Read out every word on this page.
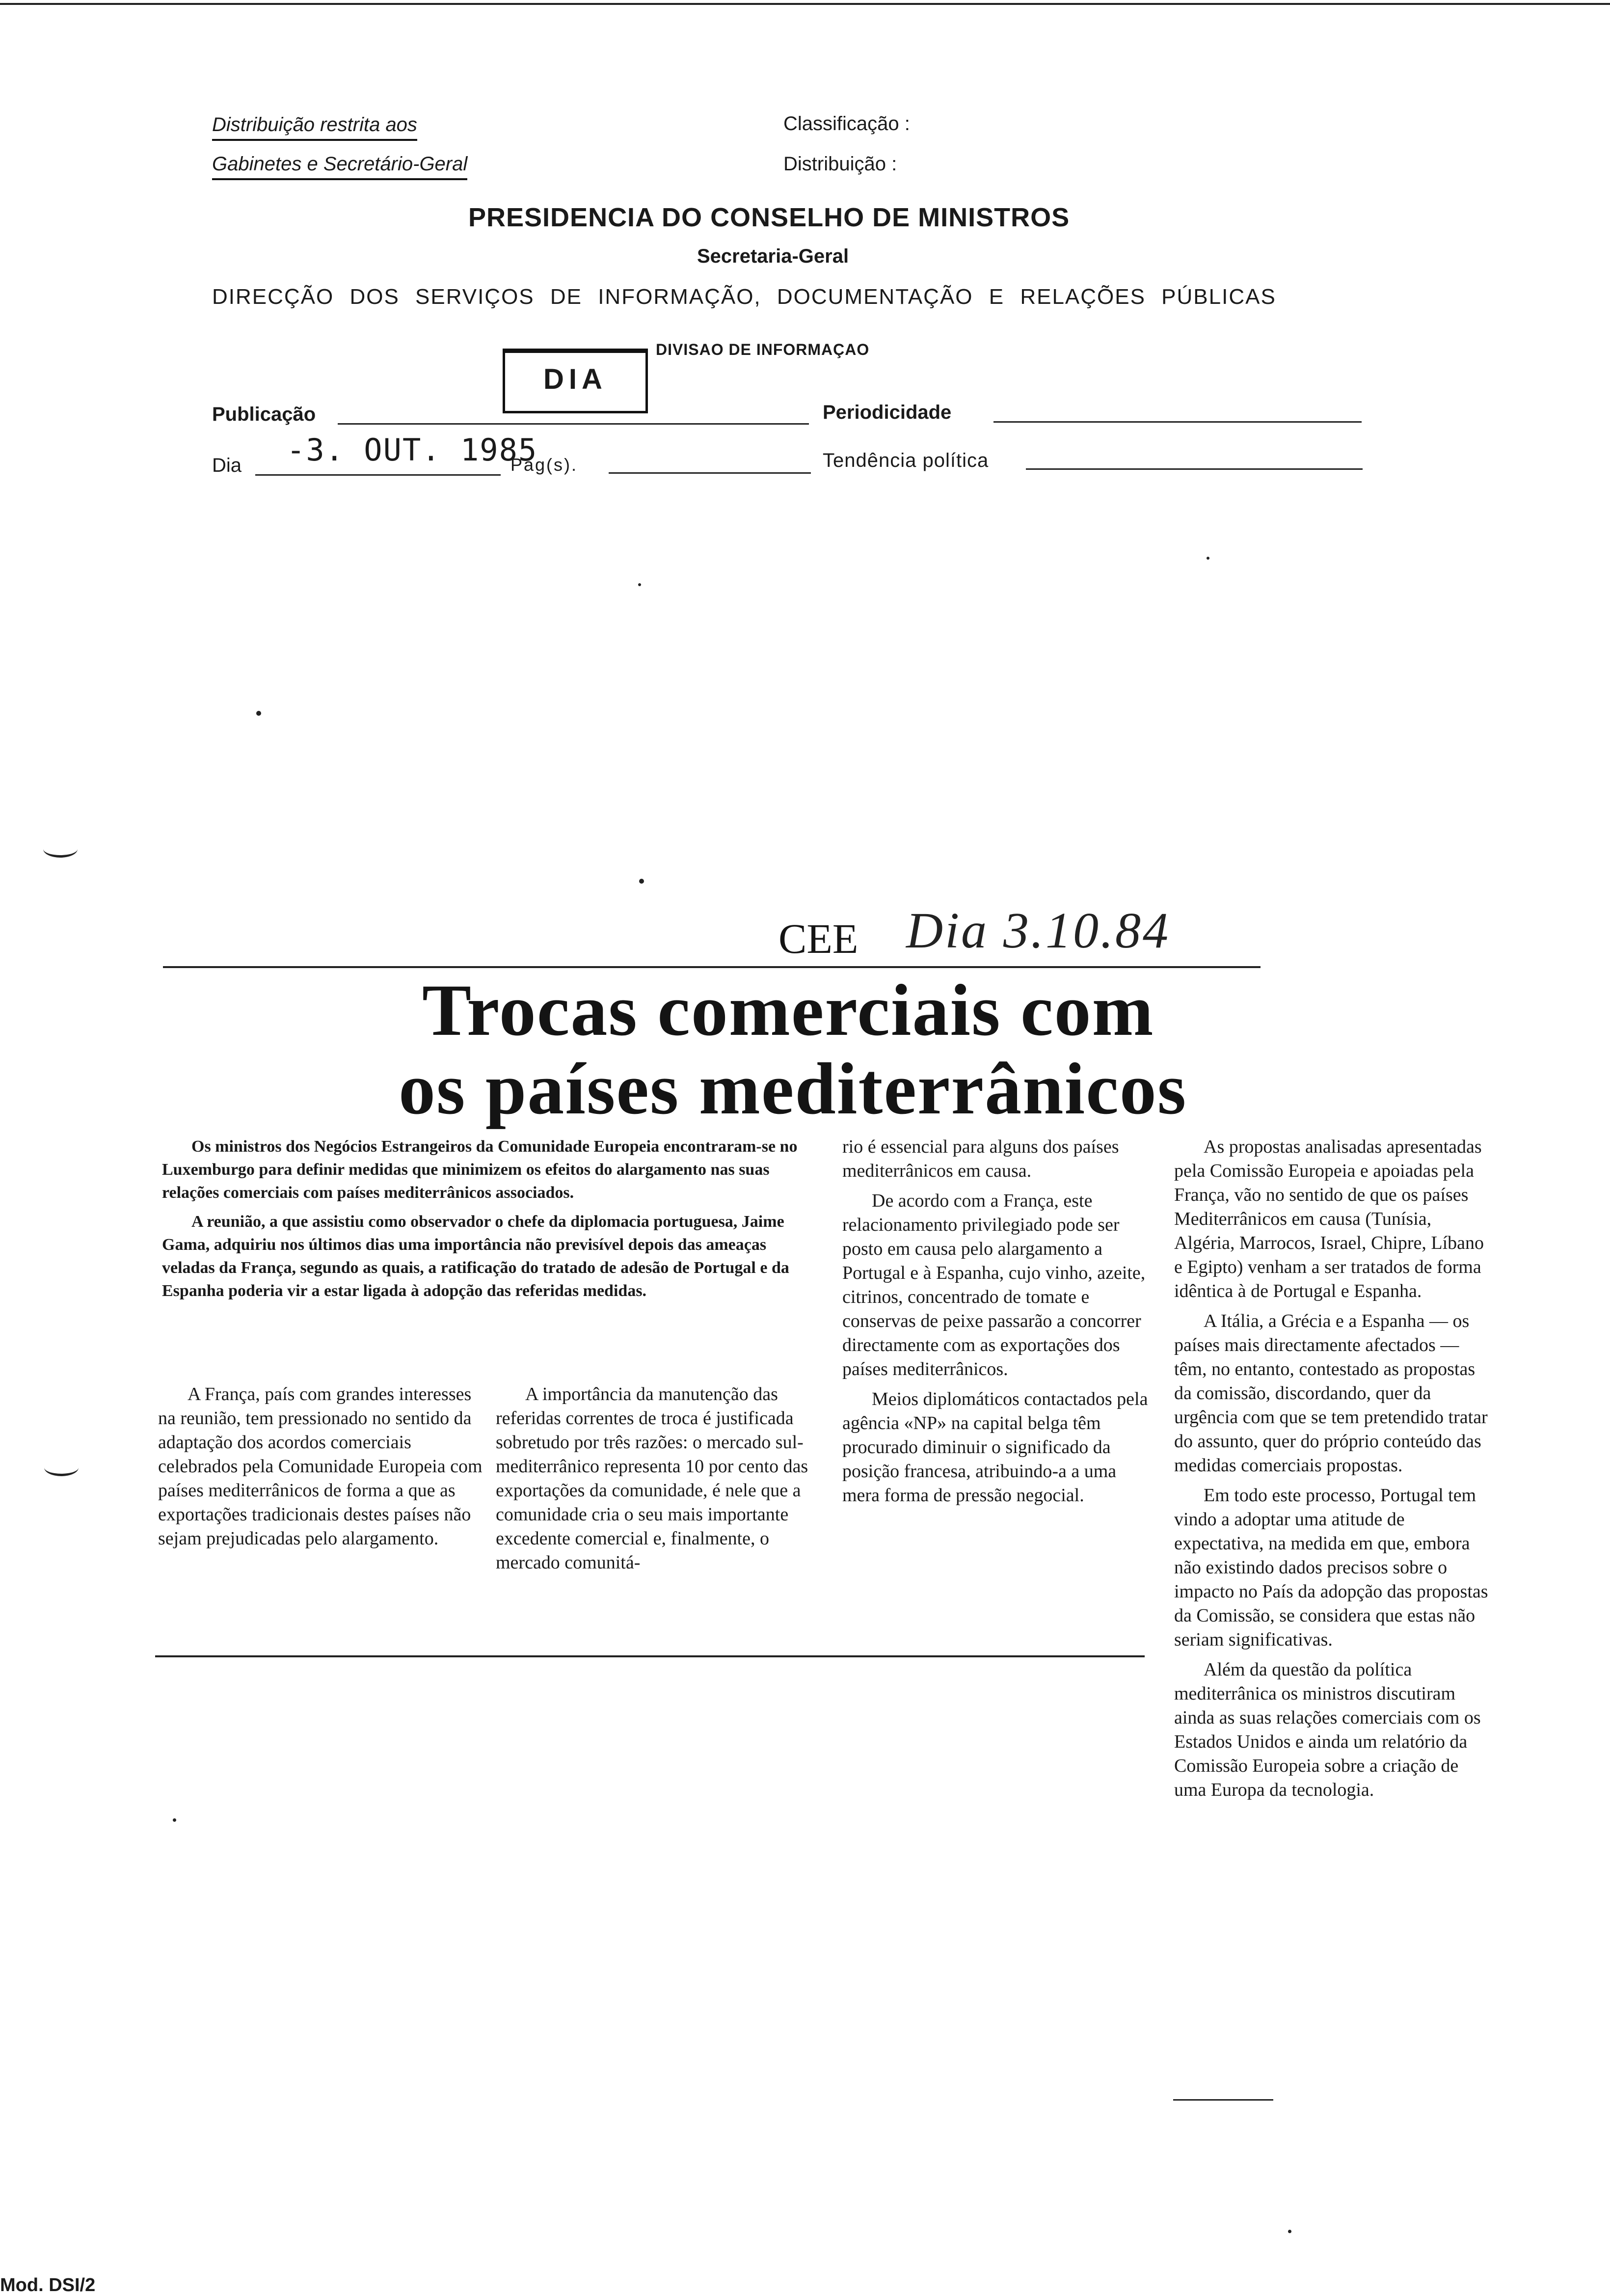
Distribuição restrita aos
Gabinetes e Secretário-Geral
Classificação :
Distribuição :
PRESIDENCIA DO CONSELHO DE MINISTROS
Secretaria-Geral
DIRECÇÃO DOS SERVIÇOS DE INFORMAÇÃO, DOCUMENTAÇÃO E RELAÇÕES PÚBLICAS
DIA
DIVISAO DE INFORMAÇAO
Publicação	Periodicidade
Dia -3. OUT. 1985
Pág(s).	Tendência política
CEE Dia 3.10.84
Trocas comerciais com
os países mediterrânicos

Os ministros dos Negócios Estrangeiros da Comunidade Europeia encontraram-se no Luxemburgo para definir medidas que minimizem os efeitos do alargamento nas suas relações comerciais com países mediterrânicos associados.

A reunião, a que assistiu como observador o chefe da diplomacia portuguesa, Jaime Gama, adquiriu nos últimos dias uma importância não previsível depois das ameaças veladas da França, segundo as quais, a ratificação do tratado de adesão de Portugal e da Espanha poderia vir a estar ligada à adopção das referidas medidas.

A França, país com grandes interesses na reunião, tem pressionado no sentido da adaptação dos acordos comerciais celebrados pela Comunidade Europeia com países mediterrânicos de forma a que as exportações tradicionais destes países não sejam prejudicadas pelo alargamento.

A importância da manutenção das referidas correntes de troca é justificada sobretudo por três razões: o mercado sul-mediterrânico representa 10 por cento das exportações da comunidade, é nele que a comunidade cria o seu mais importante excedente comercial e, finalmente, o mercado comunitá-

rio é essencial para alguns dos países mediterrânicos em causa.

De acordo com a França, este relacionamento privilegiado pode ser posto em causa pelo alargamento a Portugal e à Espanha, cujo vinho, azeite, citrinos, concentrado de tomate e conservas de peixe passarão a concorrer directamente com as exportações dos países mediterrânicos.

Meios diplomáticos contactados pela agência «NP» na capital belga têm procurado diminuir o significado da posição francesa, atribuindo-a a uma mera forma de pressão negocial.

As propostas analisadas apresentadas pela Comissão Europeia e apoiadas pela França, vão no sentido de que os países Mediterrânicos em causa (Tunísia, Algéria, Marrocos, Israel, Chipre, Líbano e Egipto) venham a ser tratados de forma idêntica à de Portugal e Espanha.

A Itália, a Grécia e a Espanha — os países mais directamente afectados — têm, no entanto, contestado as propostas da comissão, discordando, quer da urgência com que se tem pretendido tratar do assunto, quer do próprio conteúdo das medidas comerciais propostas.

Em todo este processo, Portugal tem vindo a adoptar uma atitude de expectativa, na medida em que, embora não existindo dados precisos sobre o impacto no País da adopção das propostas da Comissão, se considera que estas não seriam significativas.

Além da questão da política mediterrânica os ministros discutiram ainda as suas relações comerciais com os Estados Unidos e ainda um relatório da Comissão Europeia sobre a criação de uma Europa da tecnologia.

Mod. DSI/2
